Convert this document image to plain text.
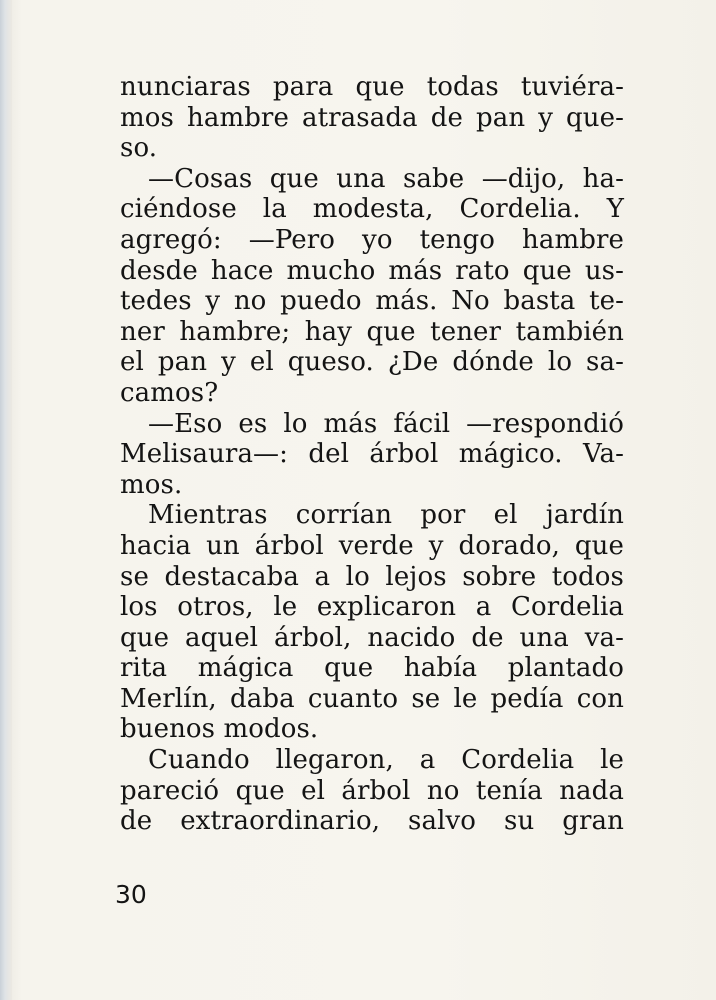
nunciaras para que todas tuviéra-
mos hambre atrasada de pan y que-
so.
—Cosas que una sabe —dijo, ha-
ciéndose la modesta, Cordelia. Y
agregó: —Pero yo tengo hambre
desde hace mucho más rato que us-
tedes y no puedo más. No basta te-
ner hambre; hay que tener también
el pan y el queso. ¿De dónde lo sa-
camos?
—Eso es lo más fácil —respondió
Melisaura—: del árbol mágico. Va-
mos.
Mientras corrían por el jardín
hacia un árbol verde y dorado, que
se destacaba a lo lejos sobre todos
los otros, le explicaron a Cordelia
que aquel árbol, nacido de una va-
rita mágica que había plantado
Merlín, daba cuanto se le pedía con
buenos modos.
Cuando llegaron, a Cordelia le
pareció que el árbol no tenía nada
de extraordinario, salvo su gran
30
